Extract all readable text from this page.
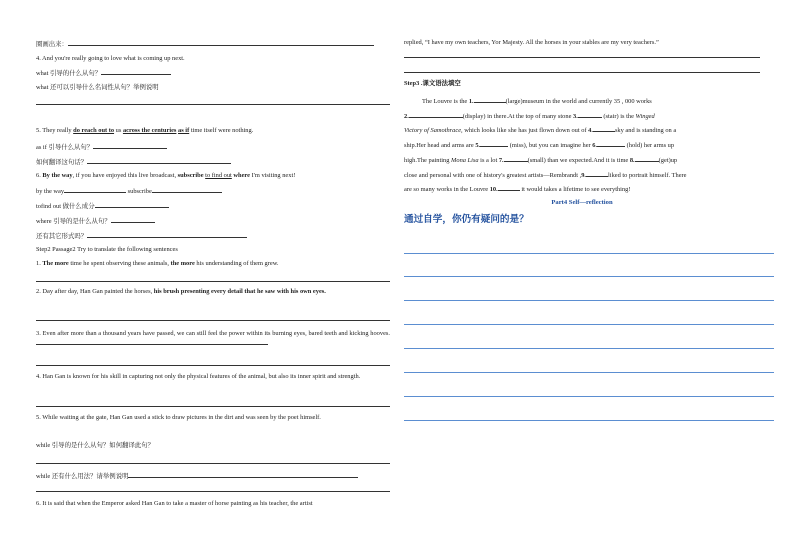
圈画出来：
4. And you're really going to love what is coming up next.
what 引导的什么从句？
what 还可以引导什么名词性从句？举例说明
5. They really do reach out to us across the centuries as if time itself were nothing.
as if 引导什么从句？
如何翻译这句话？
6. By the way, if you have enjoyed this live broadcast, subscribe to find out where I'm visiting next!
by the way	subscribe
tofind out 做什么成分
where 引导的是什么从句？
还有其它形式吗？
Step2 Passage2 Try to translate the following sentences
1. The more time he spent observing these animals, the more his understanding of them grew.
2. Day after day, Han Gan painted the horses, his brush presenting every detail that he saw with his own eyes.
3. Even after more than a thousand years have passed, we can still feel the power within its burning eyes, bared teeth and kicking hooves.
4. Han Gan is known for his skill in capturing not only the physical features of the animal, but also its inner spirit and strength.
5. While waiting at the gate, Han Gan used a stick to draw pictures in the dirt and was seen by the poet himself.
while 引导的是什么从句？如何翻译此句？
while 还有什么用法？请举例说明
6. It is said that when the Emperor asked Han Gan to take a master of horse painting as his teacher, the artist
replied, “I have my own teachers, Yor Majesty. All the horses in your stables are my very teachers.”
Step3 .课文语法填空
The Louvre is the 1.	(large)museum in the world and currently 35 , 000 works
2.	(display) in there.At the top of many stone 3.	(stair) is the Winged
Victory of Samothrace, which looks like she has just flown down out of 4.	sky and is standing on a
ship.Her head and arms are 5.	(miss), but you can imagine her 6.	(hold) her arms up
high.The painting Mona Lisa is a lot 7.	(small) than we expected.And it is time 8.	(get)up
close and personal with one of history's greatest artists—Rembrandt ,9.	liked to portrait himself. There
are so many works in the Louvre 10.	it would takes a lifetime to see everything!
Part4 Self—reflection
通过自学，你仍有疑问的是？
